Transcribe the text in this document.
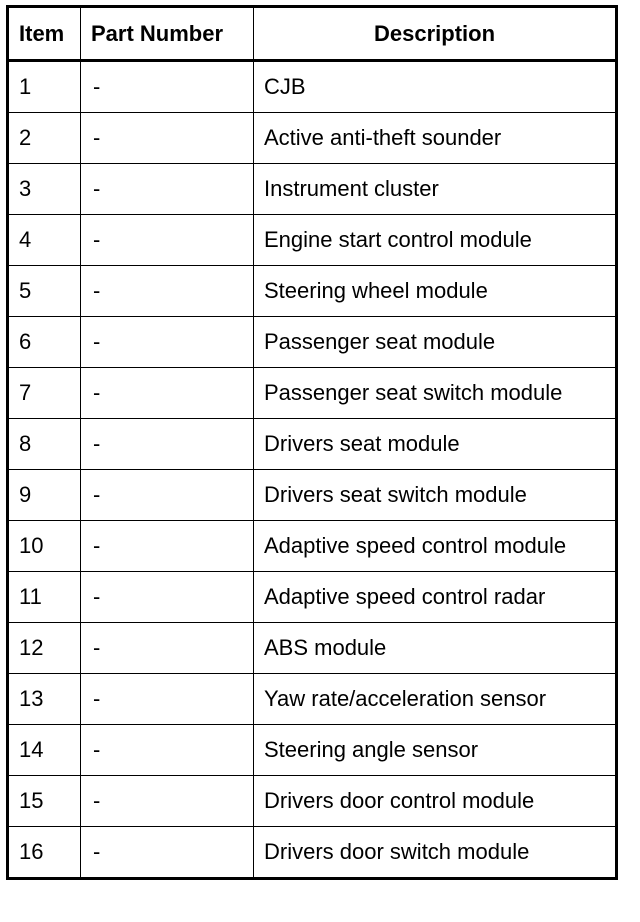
Item	Part Number	Description
1	-	CJB
2	-	Active anti-theft sounder
3	-	Instrument cluster
4	-	Engine start control module
5	-	Steering wheel module
6	-	Passenger seat module
7	-	Passenger seat switch module
8	-	Drivers seat module
9	-	Drivers seat switch module
10	-	Adaptive speed control module
11	-	Adaptive speed control radar
12	-	ABS module
13	-	Yaw rate/acceleration sensor
14	-	Steering angle sensor
15	-	Drivers door control module
16	-	Drivers door switch module
